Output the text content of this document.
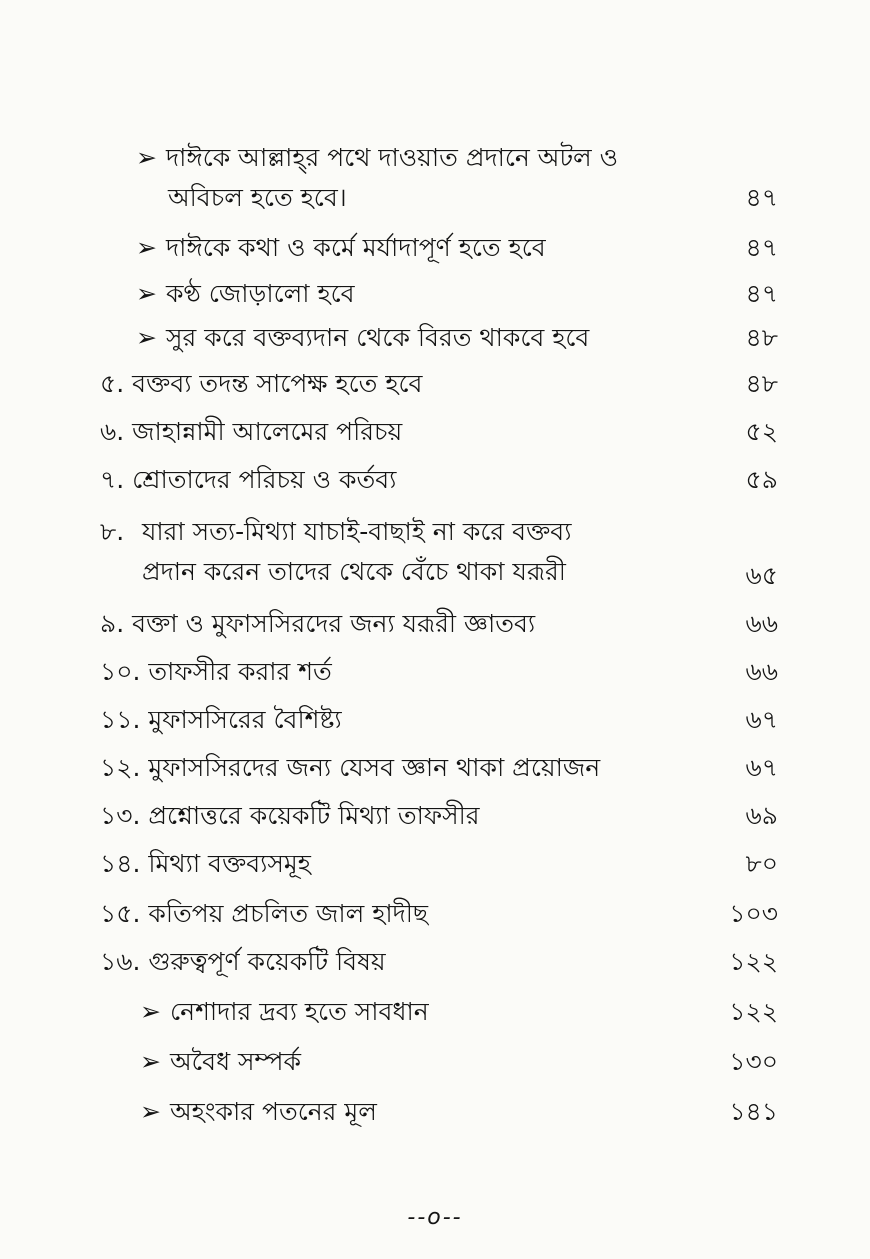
➢ দাঈকে আল্লাহ্‌র পথে দাওয়াত প্রদানে অটল ও
অবিচল হতে হবে।	৪৭
➢ দাঈকে কথা ও কর্মে মর্যাদাপূর্ণ হতে হবে	৪৭
➢ কণ্ঠ জোড়ালো হবে	৪৭
➢ সুর করে বক্তব্যদান থেকে বিরত থাকবে হবে	৪৮
৫. বক্তব্য তদন্ত সাপেক্ষ হতে হবে	৪৮
৬. জাহান্নামী আলেমের পরিচয়	৫২
৭. শ্রোতাদের পরিচয় ও কর্তব্য	৫৯
৮. যারা সত্য-মিথ্যা যাচাই-বাছাই না করে বক্তব্য
প্রদান করেন তাদের থেকে বেঁচে থাকা যরূরী	৬৫
৯. বক্তা ও মুফাসসিরদের জন্য যরূরী জ্ঞাতব্য	৬৬
১০. তাফসীর করার শর্ত	৬৬
১১. মুফাসসিরের বৈশিষ্ট্য	৬৭
১২. মুফাসসিরদের জন্য যেসব জ্ঞান থাকা প্রয়োজন	৬৭
১৩. প্রশ্নোত্তরে কয়েকটি মিথ্যা তাফসীর	৬৯
১৪. মিথ্যা বক্তব্যসমূহ	৮০
১৫. কতিপয় প্রচলিত জাল হাদীছ	১০৩
১৬. গুরুত্বপূর্ণ কয়েকটি বিষয়	১২২
➢ নেশাদার দ্রব্য হতে সাবধান	১২২
➢ অবৈধ সম্পর্ক	১৩০
➢ অহংকার পতনের মূল	১৪১
--o--
